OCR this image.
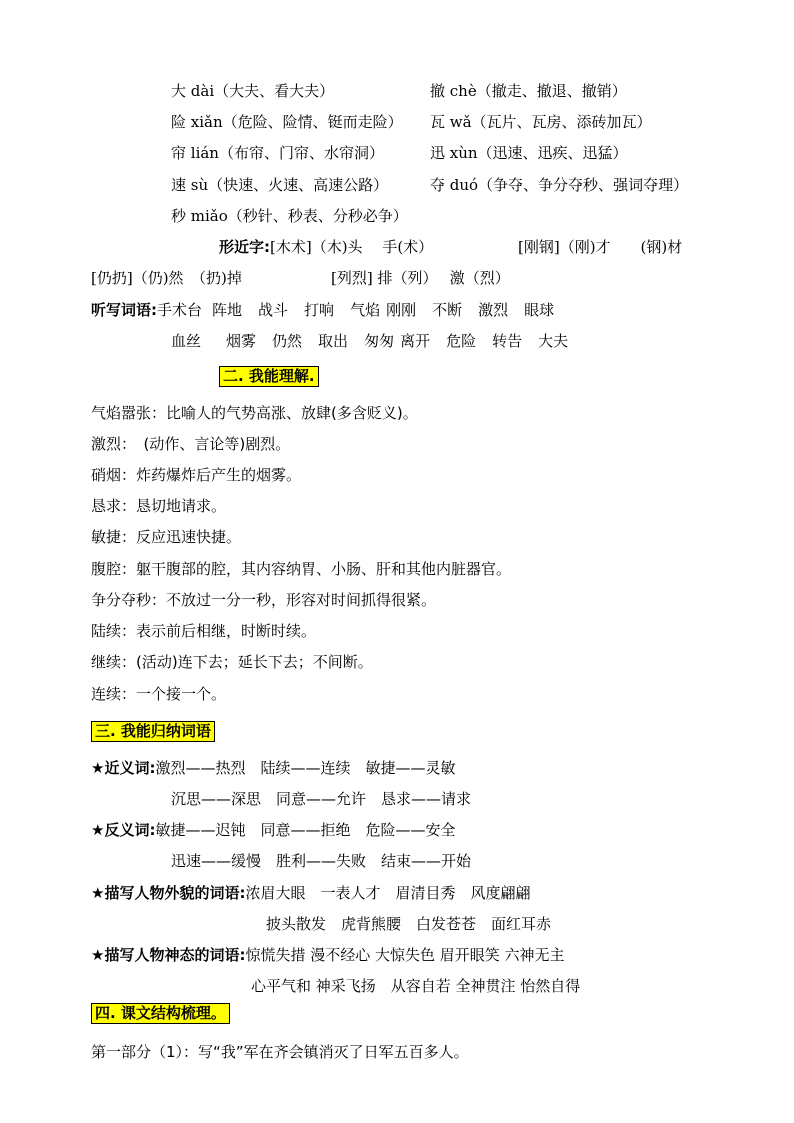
大 dài（大夫、看大夫）
险 xiǎn（危险、险情、铤而走险）
帘 lián（布帘、门帘、水帘洞）
速 sù（快速、火速、高速公路）
秒 miǎo（秒针、秒表、分秒必争）
撤 chè（撤走、撤退、撤销）
瓦 wǎ（瓦片、瓦房、添砖加瓦）
迅 xùn（迅速、迅疾、迅猛）
夺 duó（争夺、争分夺秒、强词夺理）
形近字:[木术]（木)头　 手(术）	[刚钢]（刚)才　　(钢)材
[仍扔]（仍)然　（扔)掉	[列烈] 排（列）　 激（烈）
听写词语:手术台 阵地 战斗 打响 气焰 刚刚 不断 激烈 眼球
血丝 烟雾 仍然 取出 匆匆 离开 危险 转告 大夫
二. 我能理解.
气焰嚣张：比喻人的气势高涨、放肆(多含贬义)。
激烈：　(动作、言论等)剧烈。
硝烟：炸药爆炸后产生的烟雾。
恳求：恳切地请求。
敏捷：反应迅速快捷。
腹腔：躯干腹部的腔，其内容纳胃、小肠、肝和其他内脏器官。
争分夺秒：不放过一分一秒，形容对时间抓得很紧。
陆续：表示前后相继，时断时续。
继续：(活动)连下去；延长下去；不间断。
连续：一个接一个。
三. 我能归纳词语
★近义词:激烈——热烈　陆续——连续　敏捷——灵敏
沉思——深思　同意——允许　恳求——请求
★反义词:敏捷——迟钝　同意——拒绝　危险——安全
迅速——缓慢　胜利——失败　结束——开始
★描写人物外貌的词语:浓眉大眼　一表人才　眉清目秀　风度翩翩
披头散发　虎背熊腰　白发苍苍　面红耳赤
★描写人物神态的词语:惊慌失措 漫不经心 大惊失色 眉开眼笑 六神无主
心平气和 神采飞扬　从容自若 全神贯注 怡然自得
四. 课文结构梳理。
第一部分（1）：写“我”军在齐会镇消灭了日军五百多人。
